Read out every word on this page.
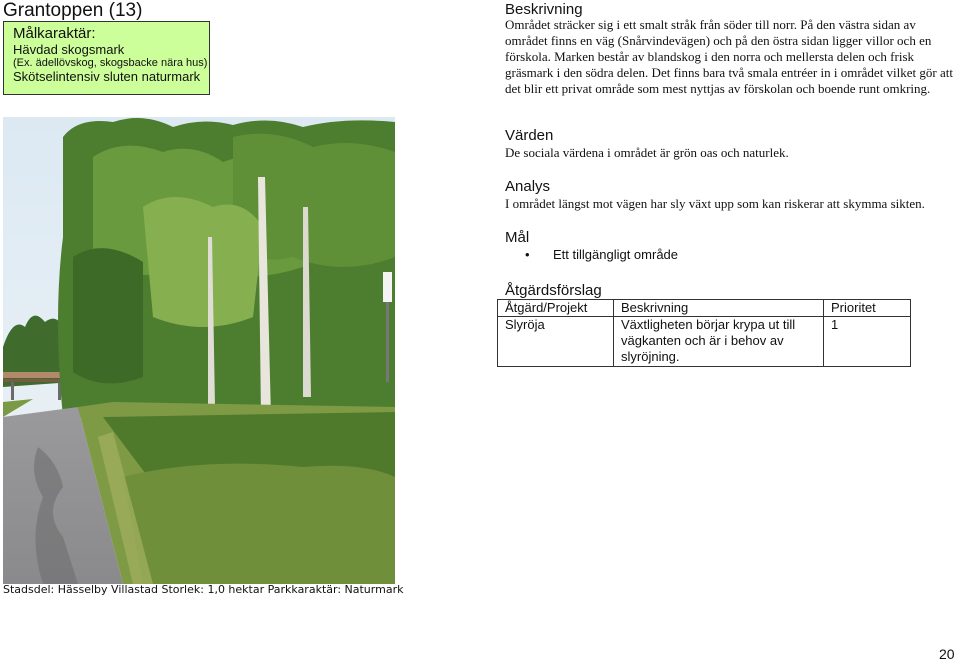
Grantoppen (13)
Målkaraktär:
Hävdad skogsmark
(Ex. ädellövskog, skogsbacke nära hus)
Skötselintensiv sluten naturmark
Beskrivning
Området sträcker sig i ett smalt stråk från söder till norr. På den västra sidan av området finns en väg (Snårvindevägen) och på den östra sidan ligger villor och en förskola. Marken består av blandskog i den norra och mellersta delen och frisk gräsmark i den södra delen. Det finns bara två smala entréer in i området vilket gör att det blir ett privat område som mest nyttjas av förskolan och boende runt omkring.
Värden
De sociala värdena i området är grön oas och naturlek.
Analys
I området längst mot vägen har sly växt upp som kan riskerar att skymma sikten.
Mål
• Ett tillgängligt område
Åtgärdsförslag
Åtgärd/Projekt	Beskrivning	Prioritet
Slyröja	Växtligheten börjar krypa ut till vägkanten och är i behov av slyröjning.	1
Stadsdel: Hässelby Villastad Storlek: 1,0 hektar Parkkaraktär: Naturmark
20
